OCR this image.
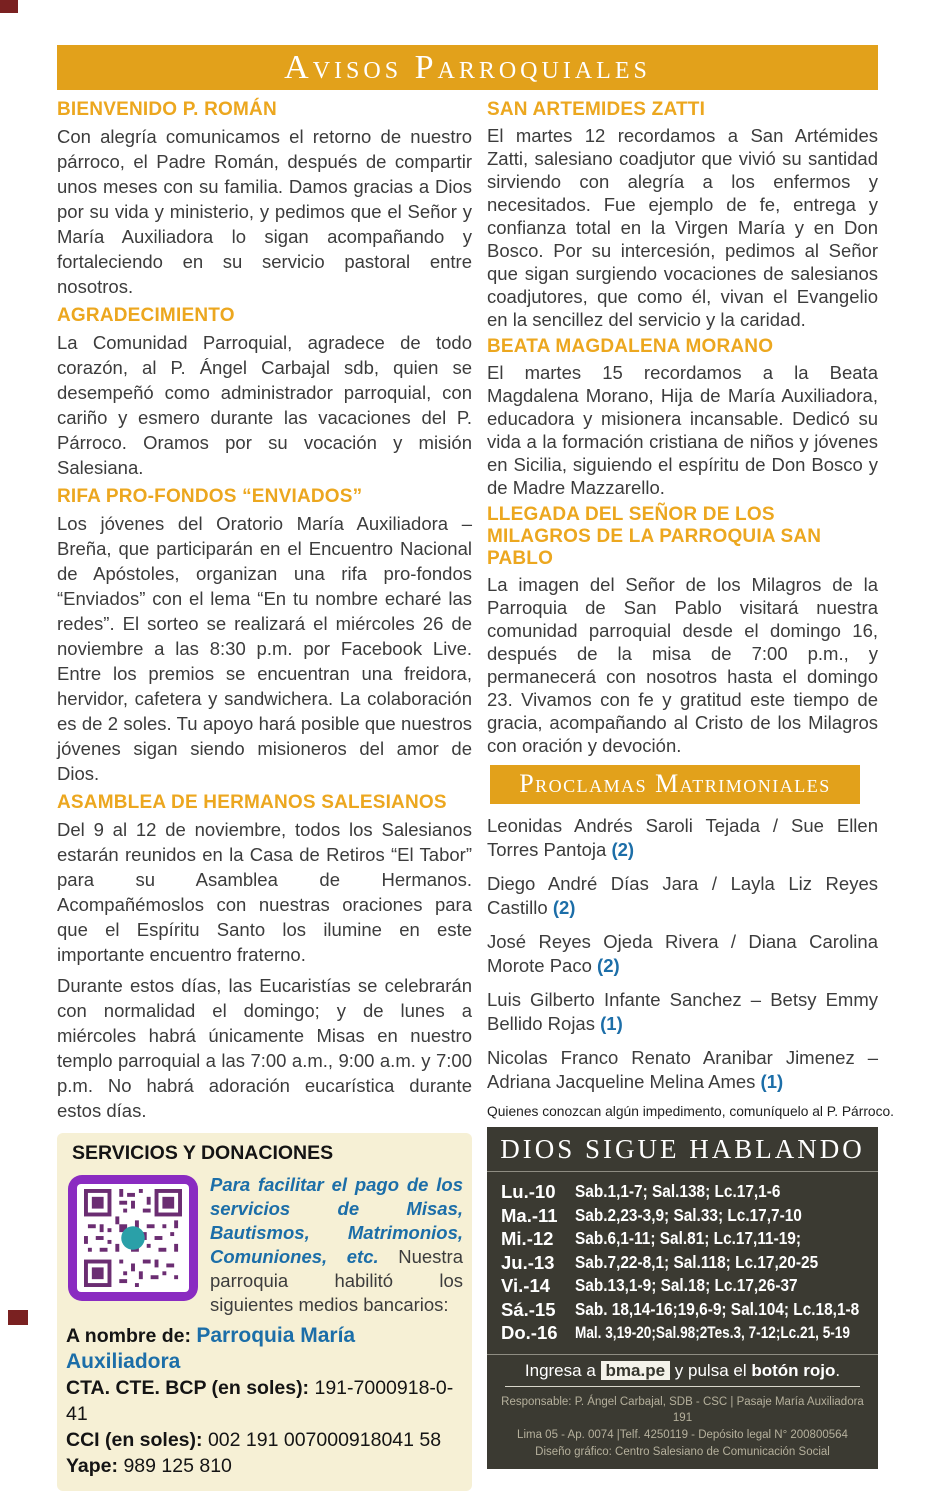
Avisos Parroquiales
BIENVENIDO P. ROMÁN

Con alegría comunicamos el retorno de nuestro párroco, el Padre Román, después de compartir unos meses con su familia. Damos gracias a Dios por su vida y ministerio, y pedimos que el Señor y María Auxiliadora lo sigan acompañando y fortaleciendo en su servicio pastoral entre nosotros.

AGRADECIMIENTO

La Comunidad Parroquial, agradece de todo corazón, al P. Ángel Carbajal sdb, quien se desempeñó como administrador parroquial, con cariño y esmero durante las vacaciones del P. Párroco. Oramos por su vocación y misión Salesiana.

RIFA PRO-FONDOS “ENVIADOS”

Los jóvenes del Oratorio María Auxiliadora – Breña, que participarán en el Encuentro Nacional de Apóstoles, organizan una rifa pro-fondos “Enviados” con el lema “En tu nombre echaré las redes”. El sorteo se realizará el miércoles 26 de noviembre a las 8:30 p.m. por Facebook Live. Entre los premios se encuentran una freidora, hervidor, cafetera y sandwichera. La colaboración es de 2 soles. Tu apoyo hará posible que nuestros jóvenes sigan siendo misioneros del amor de Dios.

ASAMBLEA DE HERMANOS SALESIANOS

Del 9 al 12 de noviembre, todos los Salesianos estarán reunidos en la Casa de Retiros “El Tabor” para su Asamblea de Hermanos. Acompañémoslos con nuestras oraciones para que el Espíritu Santo los ilumine en este importante encuentro fraterno.

Durante estos días, las Eucaristías se celebrarán con normalidad el domingo; y de lunes a miércoles habrá únicamente Misas en nuestro templo parroquial a las 7:00 a.m., 9:00 a.m. y 7:00 p.m. No habrá adoración eucarística durante estos días.

SERVICIOS Y DONACIONES

Para facilitar el pago de los servicios de Misas, Bautismos, Matrimonios, Comuniones, etc. Nuestra parroquia habilitó los siguientes medios bancarios:

A nombre de: Parroquia María Auxiliadora
CTA. CTE. BCP (en soles): 191-7000918-0-41
CCI (en soles): 002 191 007000918041 58
Yape: 989 125 810
SAN ARTEMIDES ZATTI

El martes 12 recordamos a San Artémides Zatti, salesiano coadjutor que vivió su santidad sirviendo con alegría a los enfermos y necesitados. Fue ejemplo de fe, entrega y confianza total en la Virgen María y en Don Bosco. Por su intercesión, pedimos al Señor que sigan surgiendo vocaciones de salesianos coadjutores, que como él, vivan el Evangelio en la sencillez del servicio y la caridad.

BEATA MAGDALENA MORANO

El martes 15 recordamos a la Beata Magdalena Morano, Hija de María Auxiliadora, educadora y misionera incansable. Dedicó su vida a la formación cristiana de niños y jóvenes en Sicilia, siguiendo el espíritu de Don Bosco y de Madre Mazzarello.

LLEGADA DEL SEÑOR DE LOS MILAGROS DE LA PARROQUIA SAN PABLO

La imagen del Señor de los Milagros de la Parroquia de San Pablo visitará nuestra comunidad parroquial desde el domingo 16, después de la misa de 7:00 p.m., y permanecerá con nosotros hasta el domingo 23. Vivamos con fe y gratitud este tiempo de gracia, acompañando al Cristo de los Milagros con oración y devoción.

Proclamas Matrimoniales

Leonidas Andrés Saroli Tejada / Sue Ellen Torres Pantoja (2)

Diego André Días Jara / Layla Liz Reyes Castillo (2)

José Reyes Ojeda Rivera / Diana Carolina Morote Paco (2)

Luis Gilberto Infante Sanchez – Betsy Emmy Bellido Rojas (1)

Nicolas Franco Renato Aranibar Jimenez – Adriana Jacqueline Melina Ames (1)

Quienes conozcan algún impedimento, comuníquelo al P. Párroco.

DIOS SIGUE HABLANDO
Lu.-10	Sab.1,1-7; Sal.138; Lc.17,1-6
Ma.-11 Sab.2,23-3,9; Sal.33; Lc.17,7-10
Mi.-12	Sab.6,1-11; Sal.81; Lc.17,11-19;
Ju.-13	Sab.7,22-8,1; Sal.118; Lc.17,20-25
Vi.-14	Sab.13,1-9; Sal.18; Lc.17,26-37
Sá.-15	Sab. 18,14-16;19,6-9; Sal.104; Lc.18,1-8
Do.-16	Mal. 3,19-20;Sal.98;2Tes.3, 7-12;Lc.21, 5-19
Ingresa a bma.pe y pulsa el botón rojo.
Responsable: P. Ángel Carbajal, SDB - CSC | Pasaje María Auxiliadora 191
Lima 05 - Ap. 0074 |Telf. 4250119 - Depósito legal N° 200800564
Diseño gráfico: Centro Salesiano de Comunicación Social
